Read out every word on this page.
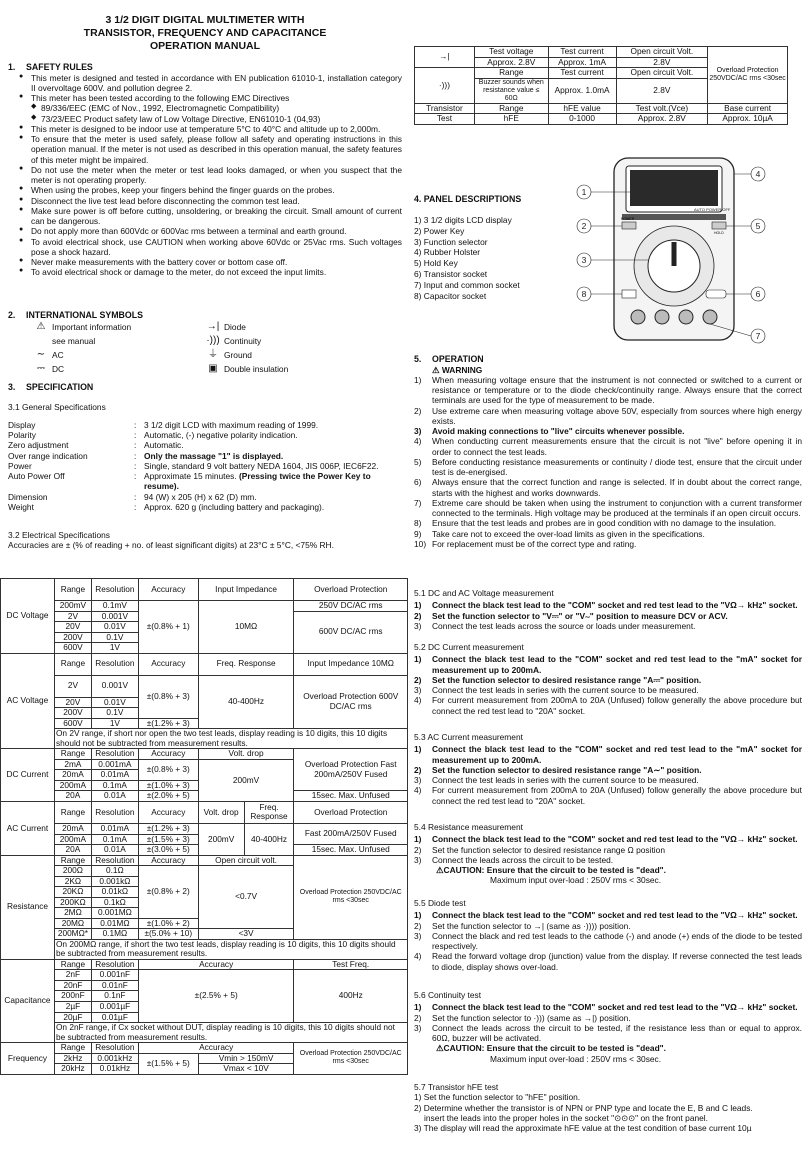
3 1/2 DIGIT DIGITAL MULTIMETER WITH
TRANSISTOR, FREQUENCY AND CAPACITANCE
OPERATION MANUAL
1. SAFETY RULES
● This meter is designed and tested in accordance with EN publication 61010-1, installation category II overvoltage 600V. and pollution degree 2.
● This meter has been tested according to the following EMC Directives
◆ 89/336/EEC (EMC of Nov., 1992, Electromagnetic Compatibility)
◆ 73/23/EEC Product safety law of Low Voltage Directive, EN61010-1 (04,93)
● This meter is designed to be indoor use at temperature 5°C to 40°C and altitude up to 2,000m.
● To ensure that the meter is used safely, please follow all safety and operating instructions in this operation manual. If the meter is not used as described in this operation manual, the safety features of this meter might be impaired.
● Do not use the meter when the meter or test lead looks damaged, or when you suspect that the meter is not operating properly.
● When using the probes, keep your fingers behind the finger guards on the probes.
● Disconnect the live test lead before disconnecting the common test lead.
● Make sure power is off before cutting, unsoldering, or breaking the circuit. Small amount of current can be dangerous.
● Do not apply more than 600Vdc or 600Vac rms between a terminal and earth ground.
● To avoid electrical shock, use CAUTION when working above 60Vdc or 25Vac rms. Such voltages pose a shock hazard.
● Never make measurements with the battery cover or bottom case off.
● To avoid electrical shock or damage to the meter, do not exceed the input limits.
2. INTERNATIONAL SYMBOLS
⚠ Important information	→| Diode
see manual	·))) Continuity
∼ AC	⏚ Ground
⎓ DC	▣ Double insulation
3. SPECIFICATION
3.1 General Specifications
Display	: 3 1/2 digit LCD with maximum reading of 1999.
Polarity	: Automatic, (-) negative polarity indication.
Zero adjustment	: Automatic.
Over range indication	: Only the massage "1" is displayed.
Power	: Single, standard 9 volt battery NEDA 1604, JIS 006P, IEC6F22.
Auto Power Off	: Approximate 15 minutes. (Pressing twice the Power Key to resume).
Dimension	: 94 (W) x 205 (H) x 62 (D) mm.
Weight	: Approx. 620 g (including battery and packaging).
3.2 Electrical Specifications
Accuracies are ± (% of reading + no. of least significant digits) at 23°C ± 5°C, <75% RH.
DC Voltage	Range	Resolution	Accuracy	Input Impedance		Overload Protection
	200mV	0.1mV	±(0.8% + 1)	10MΩ		250V DC/AC rms
	2V	0.001V				600V DC/AC rms
	20V	0.01V				
	200V	0.1V				
	600V	1V				
AC Voltage	Range	Resolution	Accuracy	Freq. Response		Input Impedance 10MΩ
	2V	0.001V	±(0.8% + 3)	40-400Hz		Overload Protection 600V DC/AC rms
	20V	0.01V				
	200V	0.1V				
	600V	1V	±(1.2% + 3)			
	On 2V range, if short nor open the two test leads, display reading is 10 digits, this 10 digits should not be subtracted from measurement results.					
DC Current	Range	Resolution	Accuracy	Volt. drop		Overload Protection Fast 200mA/250V Fused
	2mA	0.001mA	±(0.8% + 3)	200mV		
	20mA	0.01mA				
	200mA	0.1mA	±(1.0% + 3)			
	20A	0.01A	±(2.0% + 5)			15sec. Max. Unfused
AC Current	Range	Resolution	Accuracy	Volt. drop	Freq. Response	Overload Protection
	20mA	0.01mA	±(1.2% + 3)	200mV	40-400Hz	Fast 200mA/250V Fused
	200mA	0.1mA	±(1.5% + 3)			
	20A	0.01A	±(3.0% + 5)			15sec. Max. Unfused
Resistance	Range	Resolution	Accuracy	Open circuit volt.		Overload Protection 250VDC/AC rms <30sec
	200Ω	0.1Ω	±(0.8% + 2)	<0.7V		
	2KΩ	0.001kΩ				
	20KΩ	0.01kΩ				
	200KΩ	0.1kΩ				
	2MΩ	0.001MΩ				
	20MΩ	0.01MΩ	±(1.0% + 2)			
	200MΩ*	0.1MΩ	±(5.0% + 10)	<3V		
	On 200MΩ range, if short the two test leads, display reading is 10 digits, this 10 digits should be subtracted from measurement results.					
Capacitance	Range	Resolution	Accuracy			Test Freq.
	2nF	0.001nF	±(2.5% + 5)			400Hz
	20nF	0.01nF				
	200nF	0.1nF				
	2µF	0.001µF				
	20µF	0.01µF				
	On 2nF range, if Cx socket without DUT, display reading is 10 digits, this 10 digits should not be subtracted from measurement results.					
Frequency	Range	Resolution	Accuracy			Overload Protection 250VDC/AC rms <30sec
	2kHz	0.001kHz	±(1.5% + 5)	Vmin > 150mV		
	20kHz	0.01kHz		Vmax < 10V		
→|	Test voltage	Test current	Open circuit Volt.	Overload Protection 250VDC/AC rms <30sec
	Approx. 2.8V	Approx. 1mA	2.8V	
·)))	Range	Test current	Open circuit Volt.	
	Buzzer sounds when resistance value ≤ 60Ω	Approx. 1.0mA	2.8V	
Transistor	Range	hFE value	Test volt.(Vce)	Base current
Test	hFE	0-1000	Approx. 2.8V	Approx. 10µA
4. PANEL DESCRIPTIONS
1) 3 1/2 digits LCD display
2) Power Key
3) Function selector
4) Rubber Holster
5) Hold Key
6) Transistor socket
7) Input and common socket
8) Capacitor socket
AUTO POWER OFF
POWER
HOLD
1
2
3
8
4
5
6
7
5. OPERATION
⚠ WARNING
1) When measuring voltage ensure that the instrument is not connected or switched to a current or resistance or temperature or to the diode check/continuity range. Always ensure that the correct terminals are used for the type of measurement to be made.
2) Use extreme care when measuring voltage above 50V, especially from sources where high energy exists.
3) Avoid making connections to "live" circuits whenever possible.
4) When conducting current measurements ensure that the circuit is not "live" before opening it in order to connect the test leads.
5) Before conducting resistance measurements or continuity / diode test, ensure that the circuit under test is de-energised.
6) Always ensure that the correct function and range is selected. If in doubt about the correct range, starts with the highest and works downwards.
7) Extreme care should be taken when using the instrument to conjunction with a current transformer connected to the terminals. High voltage may be produced at the terminals if an open circuit occurs.
8) Ensure that the test leads and probes are in good condition with no damage to the insulation.
9) Take care not to exceed the over-load limits as given in the specifications.
10) For replacement must be of the correct type and rating.
5.1 DC and AC Voltage measurement
1) Connect the black test lead to the "COM" socket and red test lead to the "VΩ→ kHz" socket.
2) Set the function selector to "V⎓" or "V∼" position to measure DCV or ACV.
3) Connect the test leads across the source or loads under measurement.
5.2 DC Current measurement
1) Connect the black test lead to the "COM" socket and red test lead to the "mA" socket for measurement up to 200mA.
2) Set the function selector to desired resistance range "A⎓" position.
3) Connect the test leads in series with the current source to be measured.
4) For current measurement from 200mA to 20A (Unfused) follow generally the above procedure but connect the red test lead to "20A" socket.
5.3 AC Current measurement
1) Connect the black test lead to the "COM" socket and red test lead to the "mA" socket for measurement up to 200mA.
2) Set the function selector to desired resistance range "A∼" position.
3) Connect the test leads in series with the current source to be measured.
4) For current measurement from 200mA to 20A (Unfused) follow generally the above procedure but connect the red test lead to "20A" socket.
5.4 Resistance measurement
1) Connect the black test lead to the "COM" socket and red test lead to the "VΩ→ kHz" socket.
2) Set the function selector to desired resistance range Ω position
3) Connect the leads across the circuit to be tested.
⚠CAUTION: Ensure that the circuit to be tested is "dead".
Maximum input over-load : 250V rms < 30sec.
5.5 Diode test
1) Connect the black test lead to the "COM" socket and red test lead to the "VΩ→ kHz" socket.
2) Set the function selector to →| (same as ·)))) position.
3) Connect the black and red test leads to the cathode (-) and anode (+) ends of the diode to be tested respectively.
4) Read the forward voltage drop (junction) value from the display. If reverse connected the test leads to diode, display shows over-load.
5.6 Continuity test
1) Connect the black test lead to the "COM" socket and red test lead to the "VΩ→ kHz" socket.
2) Set the function selector to ·))) (same as →|) position.
3) Connect the leads across the circuit to be tested, if the resistance less than or equal to approx. 60Ω, buzzer will be activated.
⚠CAUTION: Ensure that the circuit to be tested is "dead".
Maximum input over-load : 250V rms < 30sec.
5.7 Transistor hFE test
1) Set the function selector to "hFE" position.
2) Determine whether the transistor is of NPN or PNP type and locate the E, B and C leads.
insert the leads into the proper holes in the socket "⊙⊙⊙" on the front panel.
3) The display will read the approximate hFE value at the test condition of base current 10µ
